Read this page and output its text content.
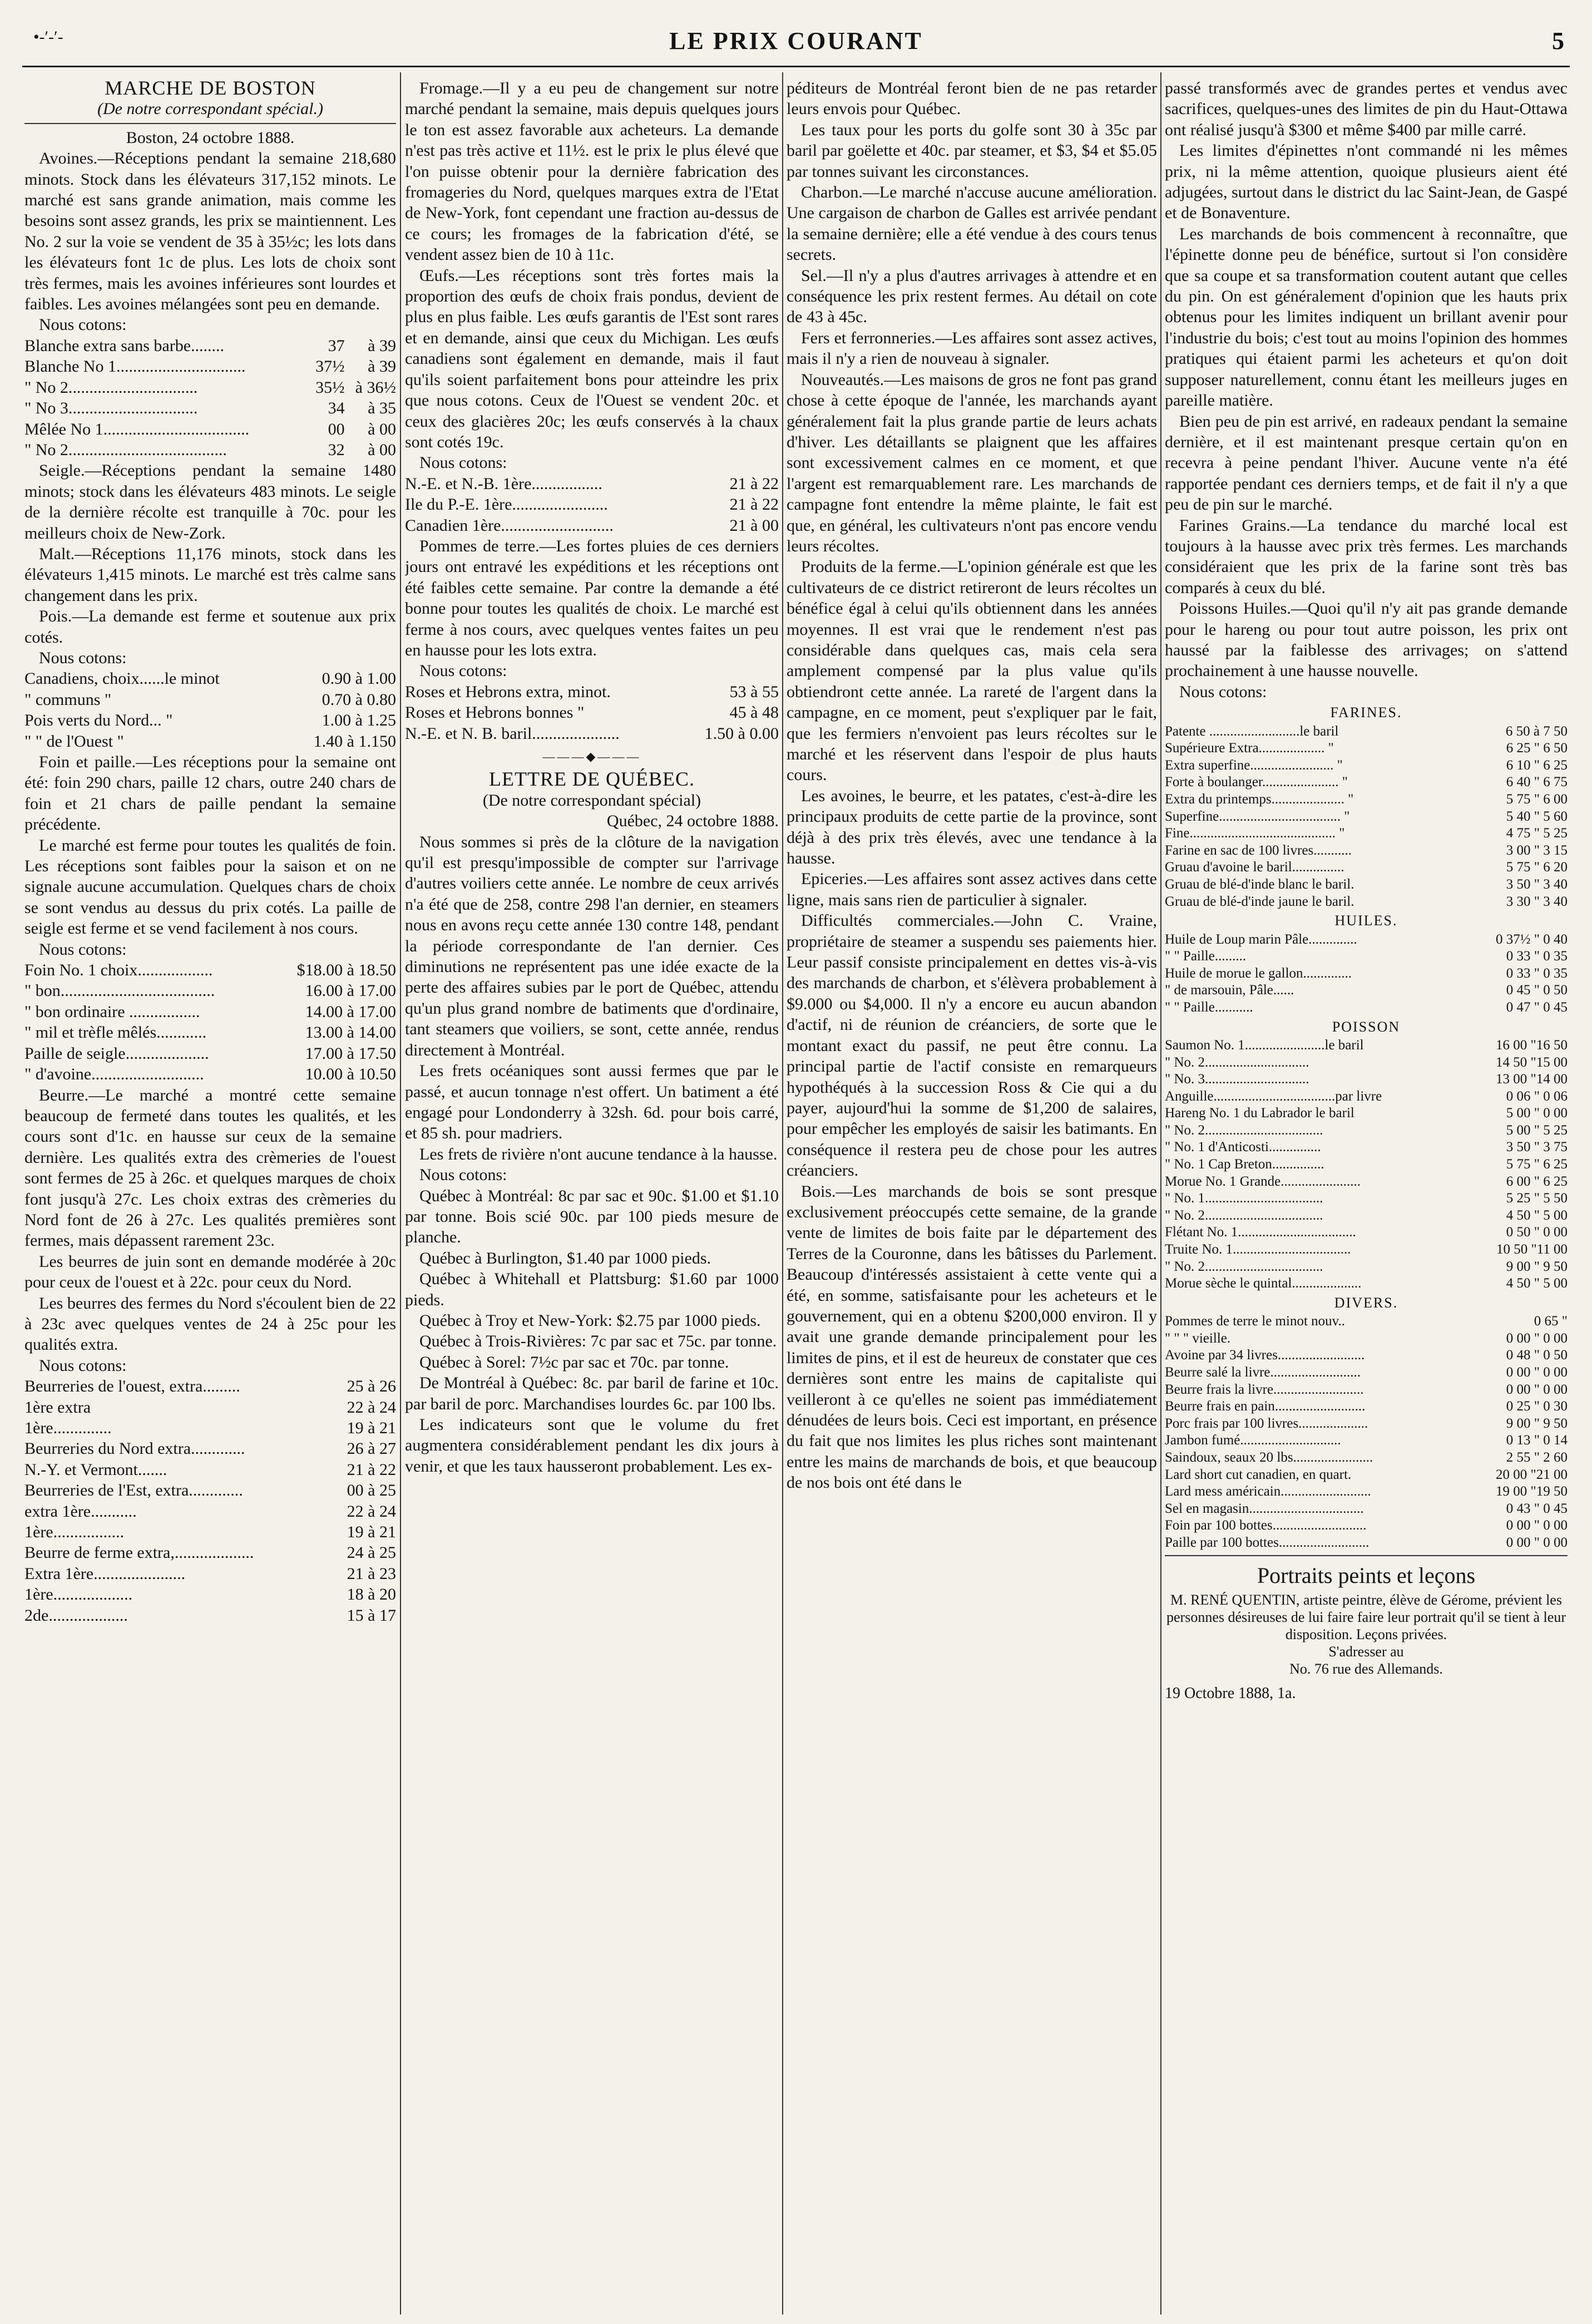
•‐′‐′‐	LE PRIX COURANT	5
MARCHE DE BOSTON

(De notre correspondant spécial.)

Boston, 24 octobre 1888.

Avoines.—Réceptions pendant la semaine 218,680 minots. Stock dans les élévateurs 317,152 minots. Le marché est sans grande animation, mais comme les besoins sont assez grands, les prix se maintiennent. Les No. 2 sur la voie se vendent de 35 à 35½c; les lots dans les élévateurs font 1c de plus. Les lots de choix sont très fermes, mais les avoines inférieures sont lourdes et faibles. Les avoines mélangées sont peu en demande.

Nous cotons:

Blanche extra sans barbe........	37	à 39
Blanche No 1...............................	37½	à 39
" No 2...............................	35½	à 36½
" No 3...............................	34	à 35
Mêlée No 1...................................	00	à 00
" No 2......................................	32	à 00

Seigle.—Réceptions pendant la semaine 1480 minots; stock dans les élévateurs 483 minots. Le seigle de la dernière récolte est tranquille à 70c. pour les meilleurs choix de New-Zork.

Malt.—Réceptions 11,176 minots, stock dans les élévateurs 1,415 minots. Le marché est très calme sans changement dans les prix.

Pois.—La demande est ferme et soutenue aux prix cotés.

Nous cotons:

Canadiens, choix......le minot	0.90 à 1.00
" communs "	0.70 à 0.80
Pois verts du Nord... "	1.00 à 1.25
" " de l'Ouest "	1.40 à 1.150

Foin et paille.—Les réceptions pour la semaine ont été: foin 290 chars, paille 12 chars, outre 240 chars de foin et 21 chars de paille pendant la semaine précédente.

Le marché est ferme pour toutes les qualités de foin. Les réceptions sont faibles pour la saison et on ne signale aucune accumulation. Quelques chars de choix se sont vendus au dessus du prix cotés. La paille de seigle est ferme et se vend facilement à nos cours.

Nous cotons:

Foin No. 1 choix..................	$18.00 à 18.50
" bon.....................................	16.00 à 17.00
" bon ordinaire .................	14.00 à 17.00
" mil et trèfle mêlés............	13.00 à 14.00
Paille de seigle....................	17.00 à 17.50
" d'avoine...........................	10.00 à 10.50

Beurre.—Le marché a montré cette semaine beaucoup de fermeté dans toutes les qualités, et les cours sont d'1c. en hausse sur ceux de la semaine dernière. Les qualités extra des crèmeries de l'ouest sont fermes de 25 à 26c. et quelques marques de choix font jusqu'à 27c. Les choix extras des crèmeries du Nord font de 26 à 27c. Les qualités premières sont fermes, mais dépassent rarement 23c.

Les beurres de juin sont en demande modérée à 20c pour ceux de l'ouest et à 22c. pour ceux du Nord.

Les beurres des fermes du Nord s'écoulent bien de 22 à 23c avec quelques ventes de 24 à 25c pour les qualités extra.

Nous cotons:

Beurreries de l'ouest, extra.........	25 à 26
1ère extra	22 à 24
1ère..............	19 à 21
Beurreries du Nord extra.............	26 à 27
N.-Y. et Vermont.......	21 à 22
Beurreries de l'Est, extra.............	00 à 25
extra 1ère...........	22 à 24
1ère.................	19 à 21
Beurre de ferme extra,...................	24 à 25
Extra 1ère......................	21 à 23
1ère...................	18 à 20
2de...................	15 à 17

Fromage.—Il y a eu peu de changement sur notre marché pendant la semaine, mais depuis quelques jours le ton est assez favorable aux acheteurs. La demande n'est pas très active et 11½. est le prix le plus élevé que l'on puisse obtenir pour la dernière fabrication des fromageries du Nord, quelques marques extra de l'Etat de New-York, font cependant une fraction au-dessus de ce cours; les fromages de la fabrication d'été, se vendent assez bien de 10 à 11c.

Œufs.—Les réceptions sont très fortes mais la proportion des œufs de choix frais pondus, devient de plus en plus faible. Les œufs garantis de l'Est sont rares et en demande, ainsi que ceux du Michigan. Les œufs canadiens sont également en demande, mais il faut qu'ils soient parfaitement bons pour atteindre les prix que nous cotons. Ceux de l'Ouest se vendent 20c. et ceux des glacières 20c; les œufs conservés à la chaux sont cotés 19c.

Nous cotons:

N.-E. et N.-B. 1ère.................	21 à 22
Ile du P.-E. 1ère.......................	21 à 22
Canadien 1ère...........................	21 à 00

Pommes de terre.—Les fortes pluies de ces derniers jours ont entravé les expéditions et les réceptions ont été faibles cette semaine. Par contre la demande a été bonne pour toutes les qualités de choix. Le marché est ferme à nos cours, avec quelques ventes faites un peu en hausse pour les lots extra.

Nous cotons:

Roses et Hebrons extra, minot.	53 à 55
Roses et Hebrons bonnes "	45 à 48
N.-E. et N. B. baril.....................	1.50 à 0.00
———◆———
LETTRE DE QUÉBEC.

(De notre correspondant spécial)

Québec, 24 octobre 1888.

Nous sommes si près de la clôture de la navigation qu'il est presqu'impossible de compter sur l'arrivage d'autres voiliers cette année. Le nombre de ceux arrivés n'a été que de 258, contre 298 l'an dernier, en steamers nous en avons reçu cette année 130 contre 148, pendant la période correspondante de l'an dernier. Ces diminutions ne représentent pas une idée exacte de la perte des affaires subies par le port de Québec, attendu qu'un plus grand nombre de batiments que d'ordinaire, tant steamers que voiliers, se sont, cette année, rendus directement à Montréal.

Les frets océaniques sont aussi fermes que par le passé, et aucun tonnage n'est offert. Un batiment a été engagé pour Londonderry à 32sh. 6d. pour bois carré, et 85 sh. pour madriers.

Les frets de rivière n'ont aucune tendance à la hausse.

Nous cotons:

Québec à Montréal: 8c par sac et 90c. $1.00 et $1.10 par tonne. Bois scié 90c. par 100 pieds mesure de planche.

Québec à Burlington, $1.40 par 1000 pieds.

Québec à Whitehall et Plattsburg: $1.60 par 1000 pieds.

Québec à Troy et New-York: $2.75 par 1000 pieds.

Québec à Trois-Rivières: 7c par sac et 75c. par tonne.

Québec à Sorel: 7½c par sac et 70c. par tonne.

De Montréal à Québec: 8c. par baril de farine et 10c. par baril de porc. Marchandises lourdes 6c. par 100 lbs.

Les indicateurs sont que le volume du fret augmentera considérablement pendant les dix jours à venir, et que les taux hausseront probablement. Les ex-

péditeurs de Montréal feront bien de ne pas retarder leurs envois pour Québec.

Les taux pour les ports du golfe sont 30 à 35c par baril par goëlette et 40c. par steamer, et $3, $4 et $5.05 par tonnes suivant les circonstances.

Charbon.—Le marché n'accuse aucune amélioration. Une cargaison de charbon de Galles est arrivée pendant la semaine dernière; elle a été vendue à des cours tenus secrets.

Sel.—Il n'y a plus d'autres arrivages à attendre et en conséquence les prix restent fermes. Au détail on cote de 43 à 45c.

Fers et ferronneries.—Les affaires sont assez actives, mais il n'y a rien de nouveau à signaler.

Nouveautés.—Les maisons de gros ne font pas grand chose à cette époque de l'année, les marchands ayant généralement fait la plus grande partie de leurs achats d'hiver. Les détaillants se plaignent que les affaires sont excessivement calmes en ce moment, et que l'argent est remarquablement rare. Les marchands de campagne font entendre la même plainte, le fait est que, en général, les cultivateurs n'ont pas encore vendu leurs récoltes.

Produits de la ferme.—L'opinion générale est que les cultivateurs de ce district retireront de leurs récoltes un bénéfice égal à celui qu'ils obtiennent dans les années moyennes. Il est vrai que le rendement n'est pas considérable dans quelques cas, mais cela sera amplement compensé par la plus value qu'ils obtiendront cette année. La rareté de l'argent dans la campagne, en ce moment, peut s'expliquer par le fait, que les fermiers n'envoient pas leurs récoltes sur le marché et les réservent dans l'espoir de plus hauts cours.

Les avoines, le beurre, et les patates, c'est-à-dire les principaux produits de cette partie de la province, sont déjà à des prix très élevés, avec une tendance à la hausse.

Epiceries.—Les affaires sont assez actives dans cette ligne, mais sans rien de particulier à signaler.

Difficultés commerciales.—John C. Vraine, propriétaire de steamer a suspendu ses paiements hier. Leur passif consiste principalement en dettes vis-à-vis des marchands de charbon, et s'élèvera probablement à $9.000 ou $4,000. Il n'y a encore eu aucun abandon d'actif, ni de réunion de créanciers, de sorte que le montant exact du passif, ne peut être connu. La principal partie de l'actif consiste en remarqueurs hypothéqués à la succession Ross & Cie qui a du payer, aujourd'hui la somme de $1,200 de salaires, pour empêcher les employés de saisir les batimants. En conséquence il restera peu de chose pour les autres créanciers.

Bois.—Les marchands de bois se sont presque exclusivement préoccupés cette semaine, de la grande vente de limites de bois faite par le département des Terres de la Couronne, dans les bâtisses du Parlement. Beaucoup d'intéressés assistaient à cette vente qui a été, en somme, satisfaisante pour les acheteurs et le gouvernement, qui en a obtenu $200,000 environ. Il y avait une grande demande principalement pour les limites de pins, et il est de heureux de constater que ces dernières sont entre les mains de capitaliste qui veilleront à ce qu'elles ne soient pas immédiatement dénudées de leurs bois. Ceci est important, en présence du fait que nos limites les plus riches sont maintenant entre les mains de marchands de bois, et que beaucoup de nos bois ont été dans le

passé transformés avec de grandes pertes et vendus avec sacrifices, quelques-unes des limites de pin du Haut-Ottawa ont réalisé jusqu'à $300 et même $400 par mille carré.

Les limites d'épinettes n'ont commandé ni les mêmes prix, ni la même attention, quoique plusieurs aient été adjugées, surtout dans le district du lac Saint-Jean, de Gaspé et de Bonaventure.

Les marchands de bois commencent à reconnaître, que l'épinette donne peu de bénéfice, surtout si l'on considère que sa coupe et sa transformation coutent autant que celles du pin. On est généralement d'opinion que les hauts prix obtenus pour les limites indiquent un brillant avenir pour l'industrie du bois; c'est tout au moins l'opinion des hommes pratiques qui étaient parmi les acheteurs et qu'on doit supposer naturellement, connu étant les meilleurs juges en pareille matière.

Bien peu de pin est arrivé, en radeaux pendant la semaine dernière, et il est maintenant presque certain qu'on en recevra à peine pendant l'hiver. Aucune vente n'a été rapportée pendant ces derniers temps, et de fait il n'y a que peu de pin sur le marché.

Farines Grains.—La tendance du marché local est toujours à la hausse avec prix très fermes. Les marchands considéraient que les prix de la farine sont très bas comparés à ceux du blé.

Poissons Huiles.—Quoi qu'il n'y ait pas grande demande pour le hareng ou pour tout autre poisson, les prix ont haussé par la faiblesse des arrivages; on s'attend prochainement à une hausse nouvelle.

Nous cotons:

FARINES.
Patente ..........................le baril	6 50 à 7 50
Supérieure Extra................... "	6 25 " 6 50
Extra superfine........................ "	6 10 " 6 25
Forte à boulanger...................... "	6 40 " 6 75
Extra du printemps..................... "	5 75 " 6 00
Superfine................................... "	5 40 " 5 60
Fine.......................................... "	4 75 " 5 25
Farine en sac de 100 livres...........	3 00 " 3 15
Gruau d'avoine le baril...............	5 75 " 6 20
Gruau de blé-d'inde blanc le baril.	3 50 " 3 40
Gruau de blé-d'inde jaune le baril.	3 30 " 3 40
HUILES.
Huile de Loup marin Pâle..............	0 37½ " 0 40
" " Paille.........	0 33 " 0 35
Huile de morue le gallon..............	0 33 " 0 35
" de marsouin, Pâle......	0 45 " 0 50
" " Paille...........	0 47 " 0 45
POISSON
Saumon No. 1.......................le baril	16 00 "16 50
" No. 2..............................	14 50 "15 00
" No. 3..............................	13 00 "14 00
Anguille...................................par livre	0 06 " 0 06
Hareng No. 1 du Labrador le baril	5 00 " 0 00
" No. 2..................................	5 00 " 5 25
" No. 1 d'Anticosti...............	3 50 " 3 75
" No. 1 Cap Breton...............	5 75 " 6 25
Morue No. 1 Grande.......................	6 00 " 6 25
" No. 1..................................	5 25 " 5 50
" No. 2..................................	4 50 " 5 00
Flétant No. 1..................................	0 50 " 0 00
Truite No. 1..................................	10 50 "11 00
" No. 2..................................	9 00 " 9 50
Morue sèche le quintal....................	4 50 " 5 00
DIVERS.
Pommes de terre le minot nouv..	0 65 "
" " " vieille.	0 00 " 0 00
Avoine par 34 livres.........................	0 48 " 0 50
Beurre salé la livre..........................	0 00 " 0 00
Beurre frais la livre..........................	0 00 " 0 00
Beurre frais en pain..........................	0 25 " 0 30
Porc frais par 100 livres....................	9 00 " 9 50
Jambon fumé.............................	0 13 " 0 14
Saindoux, seaux 20 lbs.......................	2 55 " 2 60
Lard short cut canadien, en quart.	20 00 "21 00
Lard mess américain..........................	19 00 "19 50
Sel en magasin.................................	0 43 " 0 45
Foin par 100 bottes...........................	0 00 " 0 00
Paille par 100 bottes..........................	0 00 " 0 00
Portraits peints et leçons

M. RENÉ QUENTIN, artiste peintre, élève de Gérome, prévient les personnes désireuses de lui faire faire leur portrait qu'il se tient à leur disposition. Leçons privées.

S'adresser au

No. 76 rue des Allemands.

19 Octobre 1888, 1a.
